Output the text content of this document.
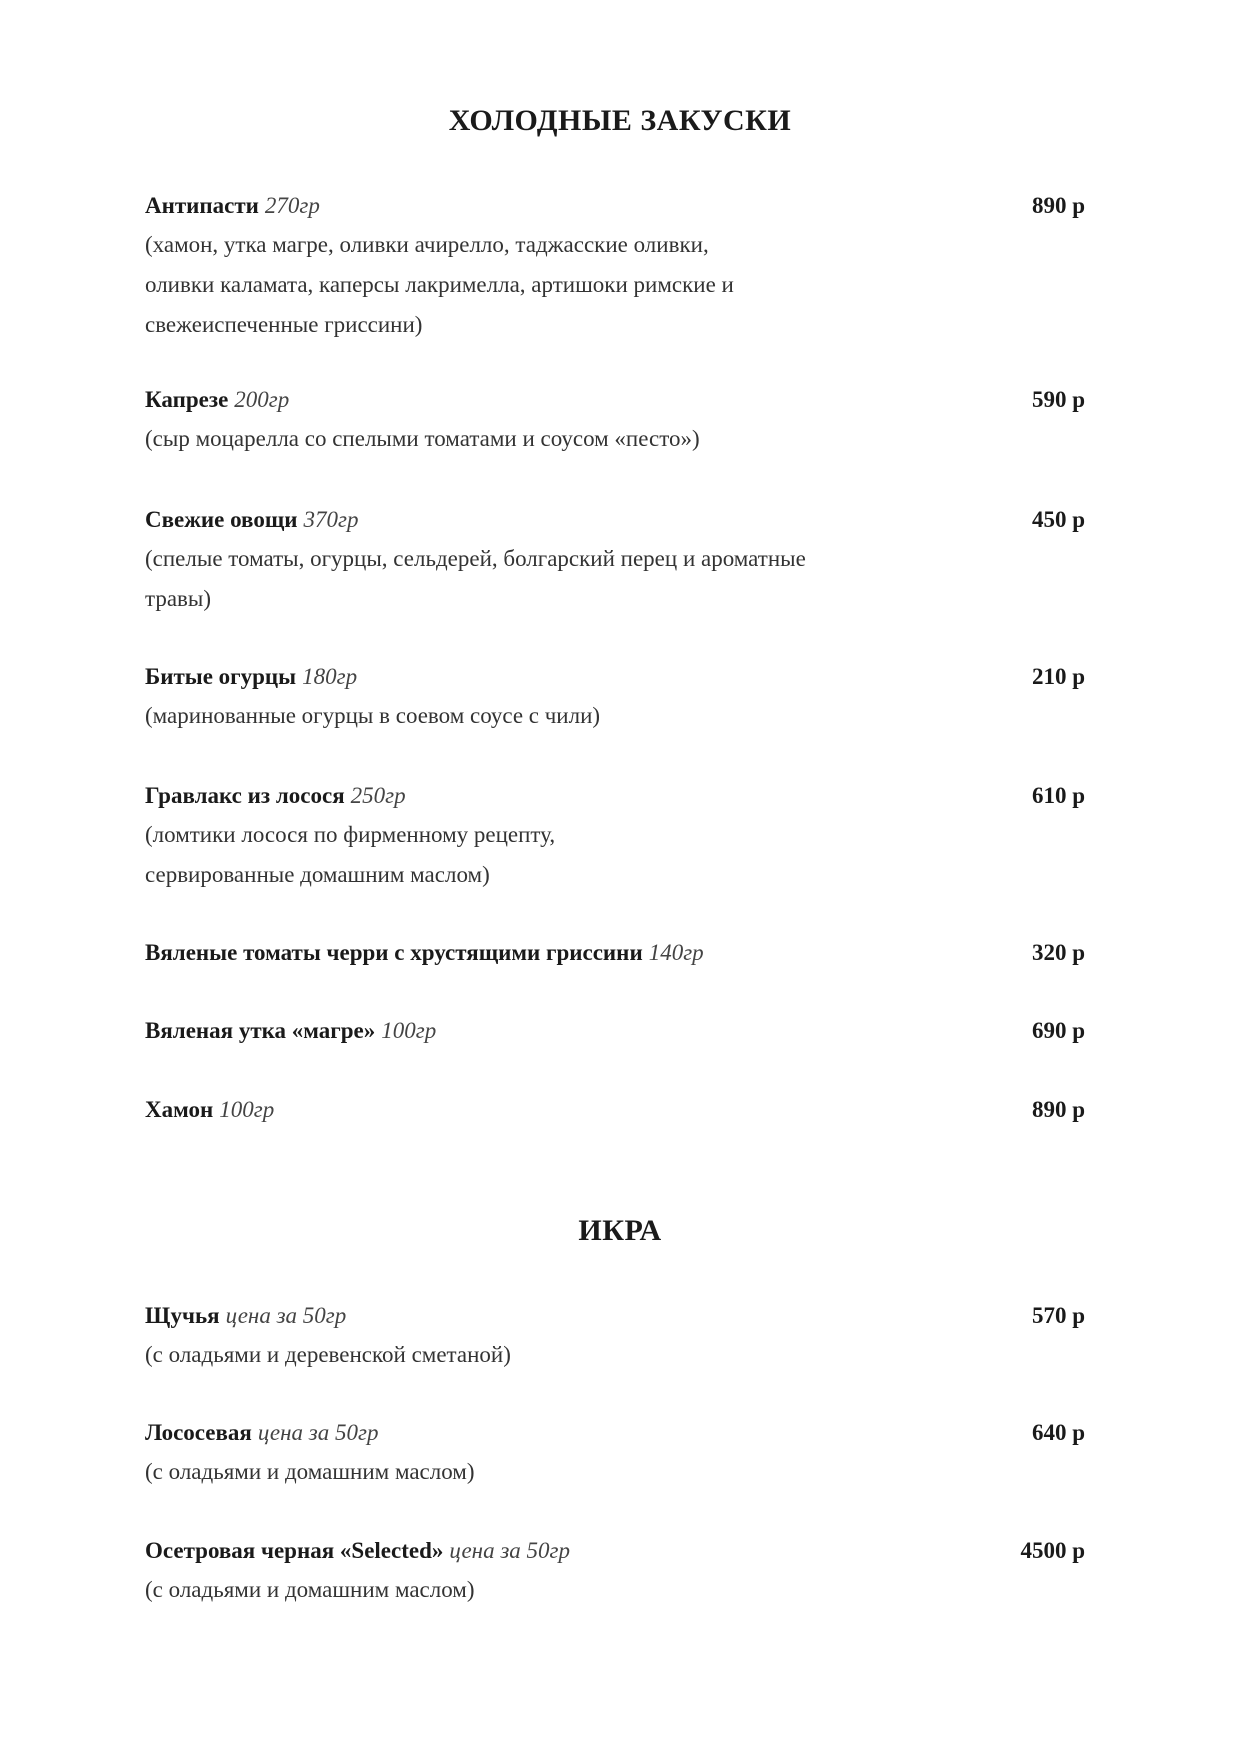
ХОЛОДНЫЕ ЗАКУСКИ
Антипасти 270гр	890 р
(хамон, утка магре, оливки ачиреллo, таджасские оливки,
оливки каламата, каперсы лакримелла, артишоки римские и
свежеиспеченные гриссини)
Капрезе 200гр	590 р
(сыр моцарелла со спелыми томатами и соусом «песто»)
Свежие овощи 370гр	450 р
(спелые томаты, огурцы, сельдерей, болгарский перец и ароматные
травы)
Битые огурцы 180гр	210 р
(маринованные огурцы в соевом соусе с чили)
Гравлакс из лосося 250гр	610 р
(ломтики лосося по фирменному рецепту,
сервированные домашним маслом)
Вяленые томаты черри с хрустящими гриссини 140гр	320 р
Вяленая утка «магре» 100гр	690 р
Хамон 100гр	890 р
ИКРА
Щучья цена за 50гр	570 р
(с оладьями и деревенской сметаной)
Лососевая цена за 50гр	640 р
(с оладьями и домашним маслом)
Осетровая черная «Selected» цена за 50гр	4500 р
(с оладьями и домашним маслом)
